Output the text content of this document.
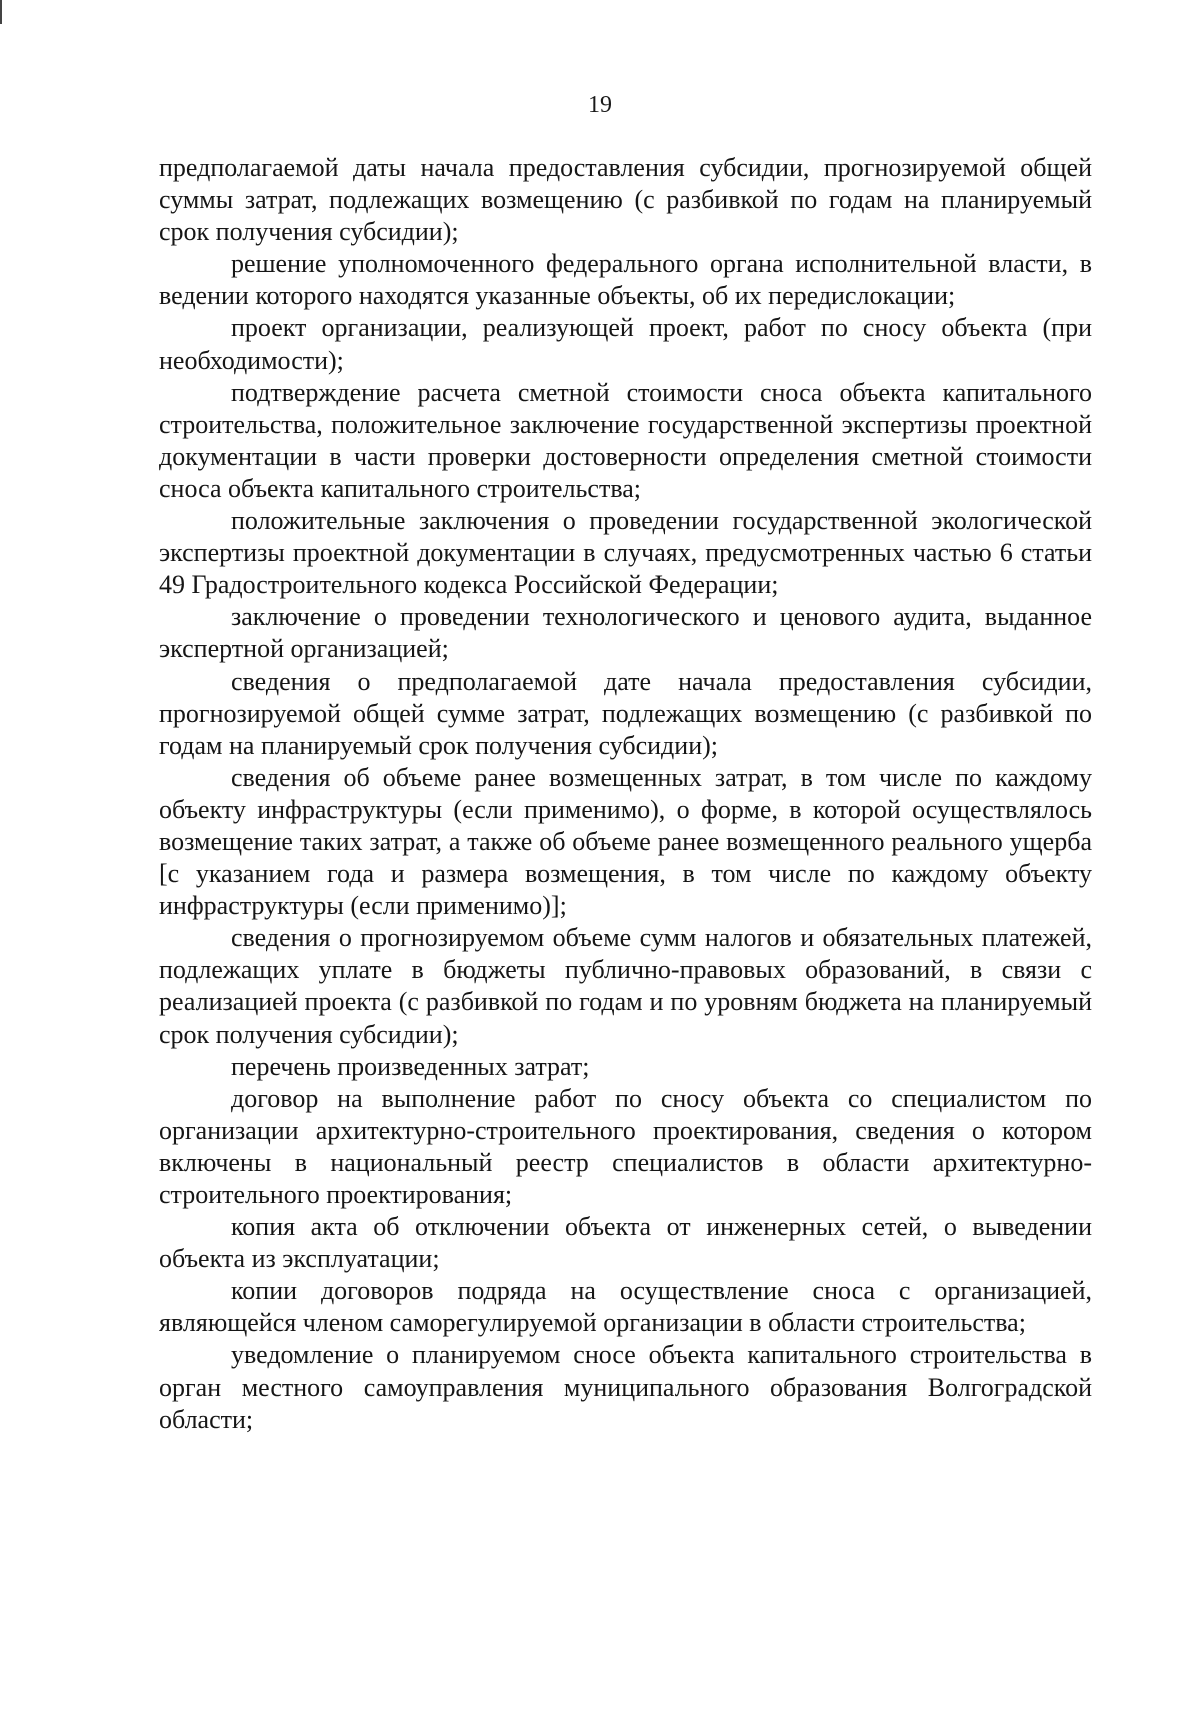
19

предполагаемой даты начала предоставления субсидии, прогнозируемой общей суммы затрат, подлежащих возмещению (с разбивкой по годам на планируемый срок получения субсидии);

решение уполномоченного федерального органа исполнительной власти, в ведении которого находятся указанные объекты, об их передислокации;

проект организации, реализующей проект, работ по сносу объекта (при необходимости);

подтверждение расчета сметной стоимости сноса объекта капитального строительства, положительное заключение государственной экспертизы проектной документации в части проверки достоверности определения сметной стоимости сноса объекта капитального строительства;

положительные заключения о проведении государственной экологической экспертизы проектной документации в случаях, предусмотренных частью 6 статьи 49 Градостроительного кодекса Российской Федерации;

заключение о проведении технологического и ценового аудита, выданное экспертной организацией;

сведения о предполагаемой дате начала предоставления субсидии, прогнозируемой общей сумме затрат, подлежащих возмещению (с разбивкой по годам на планируемый срок получения субсидии);

сведения об объеме ранее возмещенных затрат, в том числе по каждому объекту инфраструктуры (если применимо), о форме, в которой осуществлялось возмещение таких затрат, а также об объеме ранее возмещенного реального ущерба [с указанием года и размера возмещения, в том числе по каждому объекту инфраструктуры (если применимо)];

сведения о прогнозируемом объеме сумм налогов и обязательных платежей, подлежащих уплате в бюджеты публично-правовых образований, в связи с реализацией проекта (с разбивкой по годам и по уровням бюджета на планируемый срок получения субсидии);

перечень произведенных затрат;

договор на выполнение работ по сносу объекта со специалистом по организации архитектурно-строительного проектирования, сведения о котором включены в национальный реестр специалистов в области архитектурно-строительного проектирования;

копия акта об отключении объекта от инженерных сетей, о выведении объекта из эксплуатации;

копии договоров подряда на осуществление сноса с организацией, являющейся членом саморегулируемой организации в области строительства;

уведомление о планируемом сносе объекта капитального строительства в орган местного самоуправления муниципального образования Волгоградской области;
